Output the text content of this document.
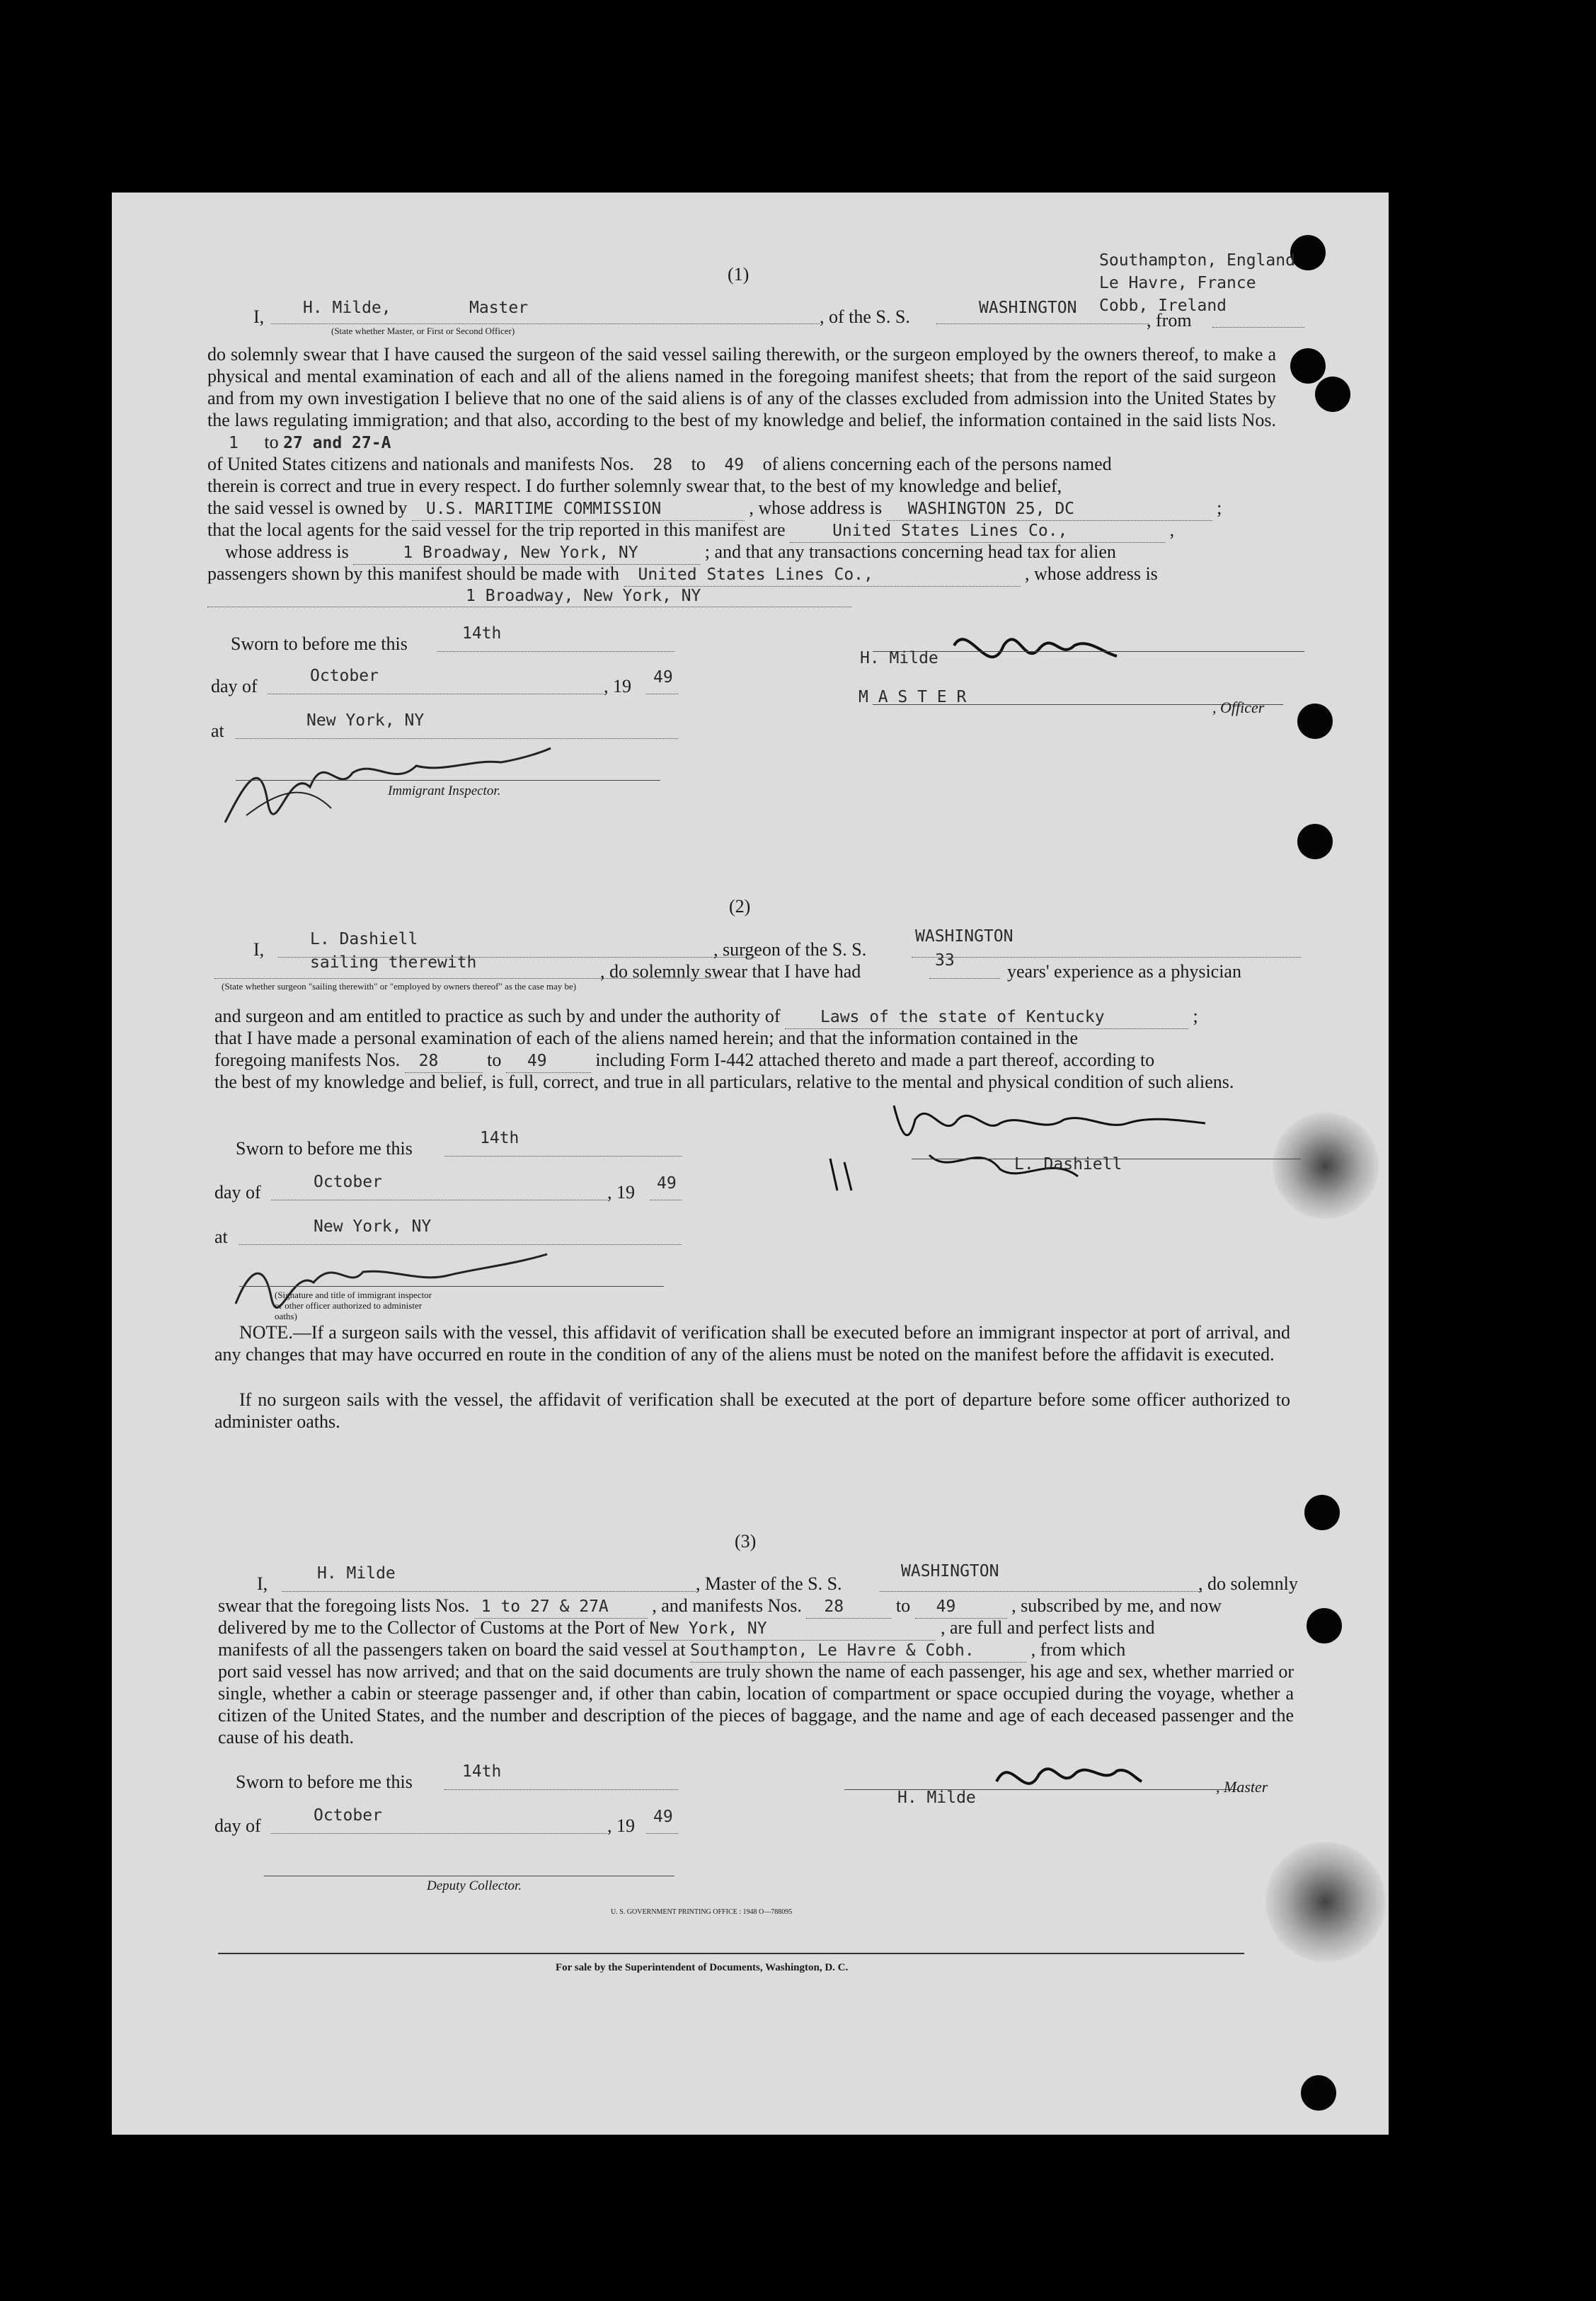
(1)
Southampton, England
Le Havre, France
Cobb, Ireland
I, H. Milde,	Master
(State whether Master, or First or Second Officer)
, of the S. S.	WASHINGTON
, from
do solemnly swear that I have caused the surgeon of the said vessel sailing therewith, or the surgeon employed by the owners thereof, to make a physical and mental examination of each and all of the aliens named in the foregoing manifest sheets; that from the report of the said surgeon and from my own investigation I believe that no one of the said aliens is of any of the classes excluded from admission into the United States by the laws regulating immigration; and that also, according to the best of my knowledge and belief, the information contained in the said lists Nos. 1 to 27 and 27-A
of United States citizens and nationals and manifests Nos. 28 to 49 of aliens concerning each of the persons named
therein is correct and true in every respect. I do further solemnly swear that, to the best of my knowledge and belief,
the said vessel is owned by U.S. MARITIME COMMISSION	, whose address is WASHINGTON 25, DC	;
that the local agents for the said vessel for the trip reported in this manifest are	United States Lines Co.,	,
whose address is	1 Broadway, New York, NY	; and that any transactions concerning head tax for alien
passengers shown by this manifest should be made with United States Lines Co.,	, whose address is
1 Broadway, New York, NY
Sworn to before me this	14th
day of	October	, 19 49
at	New York, NY
Immigrant Inspector.
H. Milde
M A S T E R
, Officer
(2)
I,	L. Dashiell	, surgeon of the S. S.
WASHINGTON
sailing therewith	, do solemnly swear that I have had
33
years' experience as a physician
(State whether surgeon "sailing therewith" or "employed by owners thereof" as the case may be)
and surgeon and am entitled to practice as such by and under the authority of Laws of the state of Kentucky	;
that I have made a personal examination of each of the aliens named herein; and that the information contained in the
foregoing manifests Nos. 28	to 49	including Form I-442 attached thereto and made a part thereof, according to
the best of my knowledge and belief, is full, correct, and true in all particulars, relative to the mental and physical condition of such aliens.
Sworn to before me this	14th
day of	October	, 19 49
at	New York, NY
(Signature and title of immigrant inspector or other officer authorized to administer oaths)
L. Dashiell
NOTE.—If a surgeon sails with the vessel, this affidavit of verification shall be executed before an immigrant inspector at port of arrival, and any changes that may have occurred en route in the condition of any of the aliens must be noted on the manifest before the affidavit is executed.
If no surgeon sails with the vessel, the affidavit of verification shall be executed at the port of departure before some officer authorized to administer oaths.
(3)
I,	H. Milde	, Master of the S. S.
WASHINGTON
, do solemnly
swear that the foregoing lists Nos. 1 to 27 & 27A , and manifests Nos. 28	to 49	, subscribed by me, and now
delivered by me to the Collector of Customs at the Port of New York, NY	, are full and perfect lists and
manifests of all the passengers taken on board the said vessel at Southampton, Le Havre & Cobh.	, from which
port said vessel has now arrived; and that on the said documents are truly shown the name of each passenger, his age and sex, whether married or single, whether a cabin or steerage passenger and, if other than cabin, location of compartment or space occupied during the voyage, whether a citizen of the United States, and the number and description of the pieces of baggage, and the name and age of each deceased passenger and the cause of his death.
Sworn to before me this	14th
day of	October	, 19 49
H. Milde
, Master
Deputy Collector.
U. S. GOVERNMENT PRINTING OFFICE : 1948 O—788095
For sale by the Superintendent of Documents, Washington, D. C.
